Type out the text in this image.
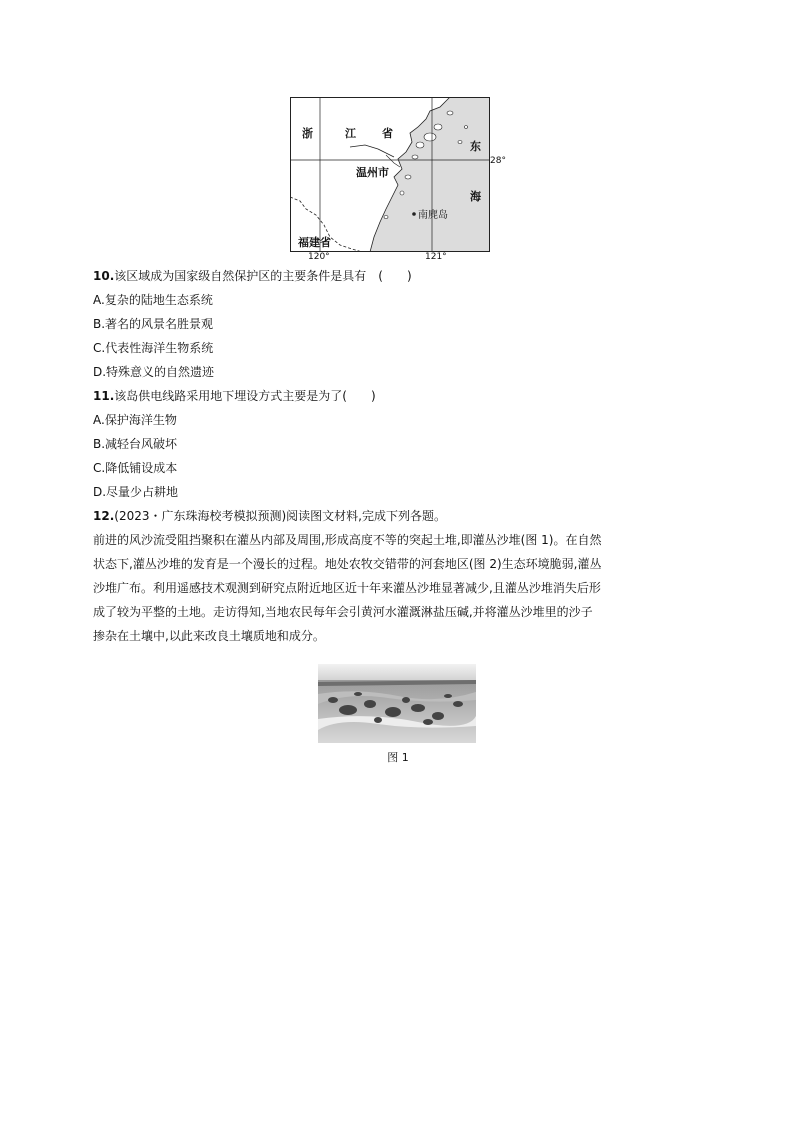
浙	江 省
温州市
南麂岛
福建省
东
海
28°
120°	121°
10.该区域成为国家级自然保护区的主要条件是具有　(　　)
A.复杂的陆地生态系统
B.著名的风景名胜景观
C.代表性海洋生物系统
D.特殊意义的自然遗迹
11.该岛供电线路采用地下埋设方式主要是为了(　　)
A.保护海洋生物
B.减轻台风破坏
C.降低铺设成本
D.尽量少占耕地
12.(2023・广东珠海校考模拟预测)阅读图文材料,完成下列各题。
前进的风沙流受阻挡聚积在灌丛内部及周围,形成高度不等的突起土堆,即灌丛沙堆(图 1)。在自然
状态下,灌丛沙堆的发育是一个漫长的过程。地处农牧交错带的河套地区(图 2)生态环境脆弱,灌丛
沙堆广布。利用遥感技术观测到研究点附近地区近十年来灌丛沙堆显著减少,且灌丛沙堆消失后形
成了较为平整的土地。走访得知,当地农民每年会引黄河水灌溉淋盐压碱,并将灌丛沙堆里的沙子
掺杂在土壤中,以此来改良土壤质地和成分。
图 1
